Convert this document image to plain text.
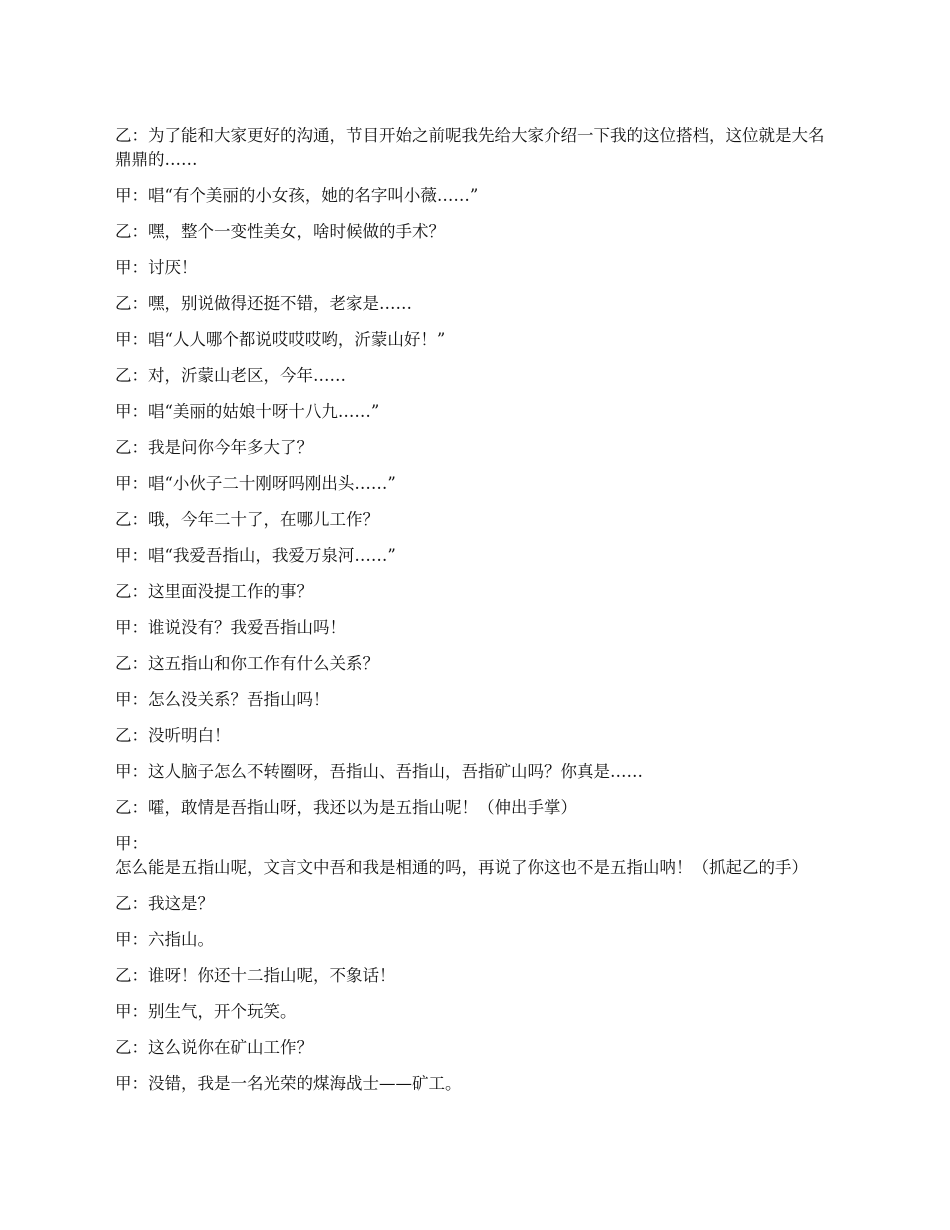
乙：为了能和大家更好的沟通，节目开始之前呢我先给大家介绍一下我的这位搭档，这位就是大名鼎鼎的……

甲：唱“有个美丽的小女孩，她的名字叫小薇……”

乙：嘿，整个一变性美女，啥时候做的手术？

甲：讨厌！

乙：嘿，别说做得还挺不错，老家是……

甲：唱“人人哪个都说哎哎哎哟，沂蒙山好！”

乙：对，沂蒙山老区，今年……

甲：唱“美丽的姑娘十呀十八九……”

乙：我是问你今年多大了？

甲：唱“小伙子二十刚呀吗刚出头……”

乙：哦，今年二十了，在哪儿工作？

甲：唱“我爱吾指山，我爱万泉河……”

乙：这里面没提工作的事？

甲：谁说没有？我爱吾指山吗！

乙：这五指山和你工作有什么关系？

甲：怎么没关系？吾指山吗！

乙：没听明白！

甲：这人脑子怎么不转圈呀，吾指山、吾指山，吾指矿山吗？你真是……

乙：嚯，敢情是吾指山呀，我还以为是五指山呢！（伸出手掌）

甲：怎么能是五指山呢，文言文中吾和我是相通的吗，再说了你这也不是五指山呐！（抓起乙的手）

乙：我这是？

甲：六指山。

乙：谁呀！你还十二指山呢，不象话！

甲：别生气，开个玩笑。

乙：这么说你在矿山工作？

甲：没错，我是一名光荣的煤海战士——矿工。
